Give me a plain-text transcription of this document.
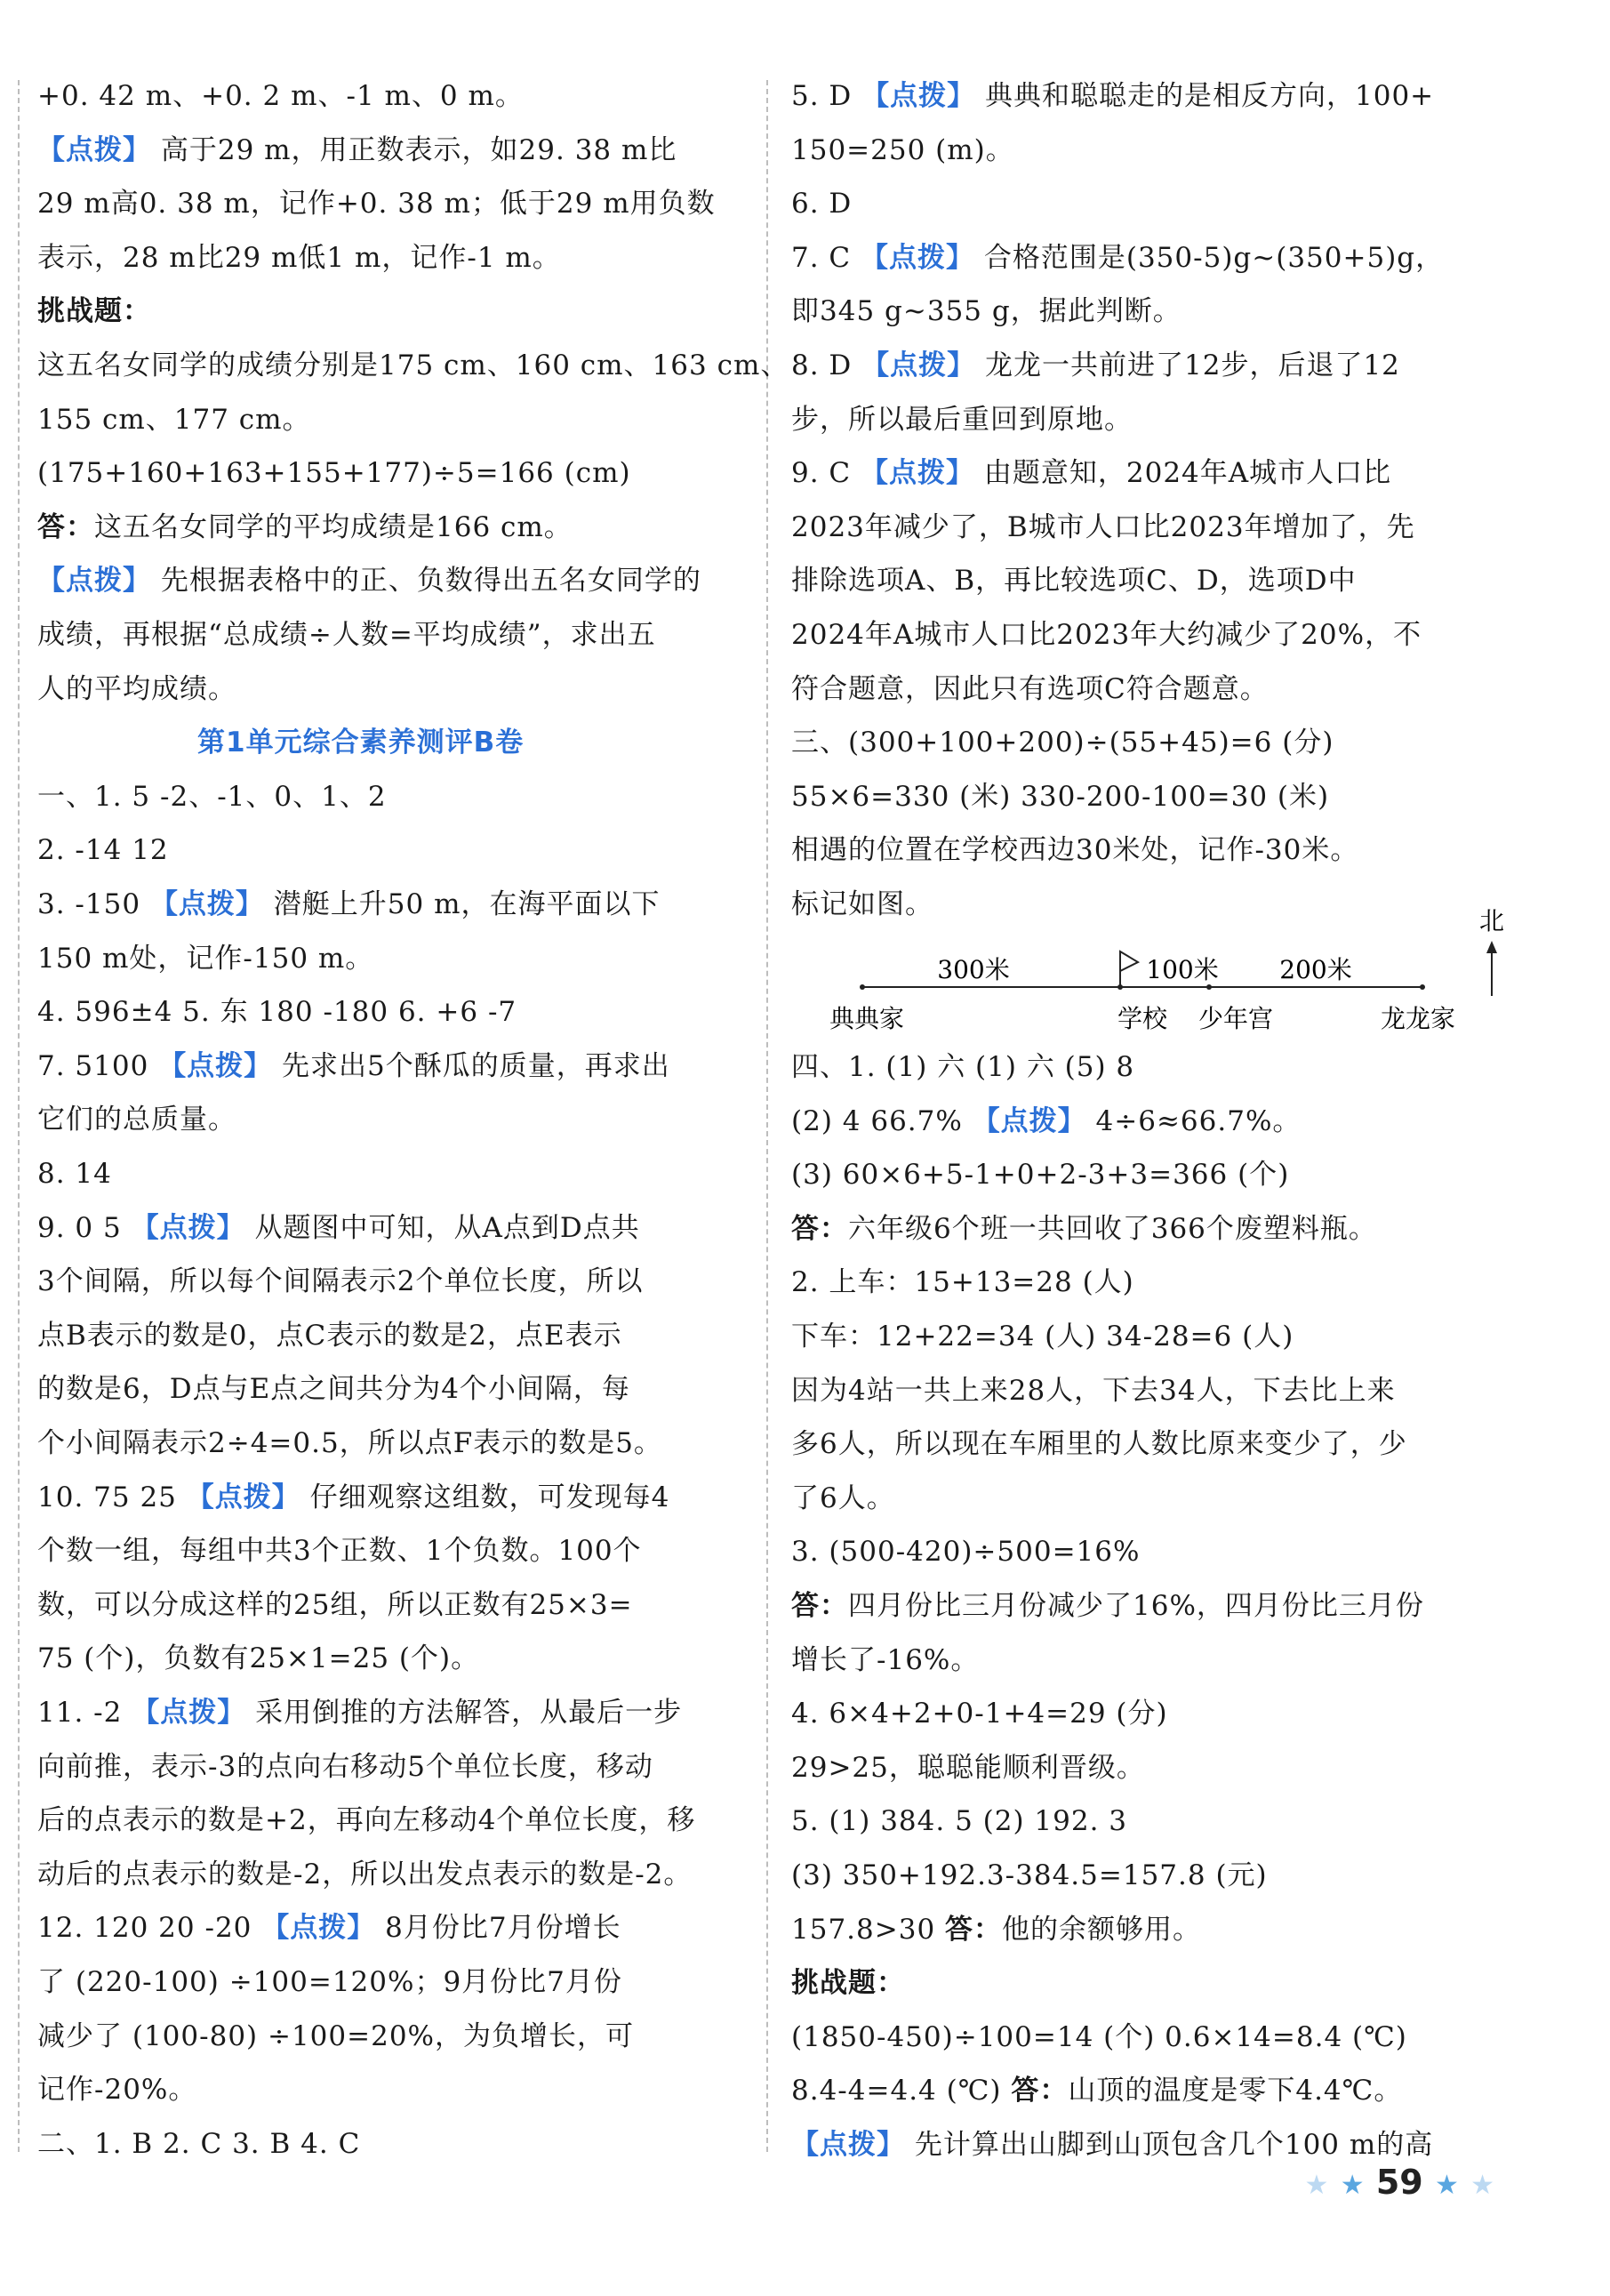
+0. 42 m、+0. 2 m、-1 m、0 m。
【点拨】 高于29 m，用正数表示，如29. 38 m比
29 m高0. 38 m，记作+0. 38 m；低于29 m用负数
表示，28 m比29 m低1 m，记作-1 m。
挑战题：
这五名女同学的成绩分别是175 cm、160 cm、163 cm、
155 cm、177 cm。
(175+160+163+155+177)÷5=166 (cm)
答：这五名女同学的平均成绩是166 cm。
【点拨】 先根据表格中的正、负数得出五名女同学的
成绩，再根据“总成绩÷人数=平均成绩”，求出五
人的平均成绩。
第1单元综合素养测评B卷
一、1. 5 -2、-1、0、1、2
2. -14 12
3. -150 【点拨】 潜艇上升50 m，在海平面以下
150 m处，记作-150 m。
4. 596±4 5. 东 180 -180 6. +6 -7
7. 5100 【点拨】 先求出5个酥瓜的质量，再求出
它们的总质量。
8. 14
9. 0 5 【点拨】 从题图中可知，从A点到D点共
3个间隔，所以每个间隔表示2个单位长度，所以
点B表示的数是0，点C表示的数是2，点E表示
的数是6，D点与E点之间共分为4个小间隔，每
个小间隔表示2÷4=0.5，所以点F表示的数是5。
10. 75 25 【点拨】 仔细观察这组数，可发现每4
个数一组，每组中共3个正数、1个负数。100个
数，可以分成这样的25组，所以正数有25×3=
75 (个)，负数有25×1=25 (个)。
11. -2 【点拨】 采用倒推的方法解答，从最后一步
向前推，表示-3的点向右移动5个单位长度，移动
后的点表示的数是+2，再向左移动4个单位长度，移
动后的点表示的数是-2，所以出发点表示的数是-2。
12. 120 20 -20 【点拨】 8月份比7月份增长
了 (220-100) ÷100=120%；9月份比7月份
减少了 (100-80) ÷100=20%，为负增长，可
记作-20%。
二、1. B 2. C 3. B 4. C
5. D 【点拨】 典典和聪聪走的是相反方向，100+
150=250 (m)。
6. D
7. C 【点拨】 合格范围是(350-5)g~(350+5)g，
即345 g~355 g，据此判断。
8. D 【点拨】 龙龙一共前进了12步，后退了12
步，所以最后重回到原地。
9. C 【点拨】 由题意知，2024年A城市人口比
2023年减少了，B城市人口比2023年增加了，先
排除选项A、B，再比较选项C、D，选项D中
2024年A城市人口比2023年大约减少了20%，不
符合题意，因此只有选项C符合题意。
三、(300+100+200)÷(55+45)=6 (分)
55×6=330 (米) 330-200-100=30 (米)
相遇的位置在学校西边30米处，记作-30米。
标记如图。
四、1. (1) 六 (1) 六 (5) 8
(2) 4 66.7% 【点拨】 4÷6≈66.7%。
(3) 60×6+5-1+0+2-3+3=366 (个)
答：六年级6个班一共回收了366个废塑料瓶。
2. 上车：15+13=28 (人)
下车：12+22=34 (人) 34-28=6 (人)
因为4站一共上来28人，下去34人，下去比上来
多6人，所以现在车厢里的人数比原来变少了，少
了6人。
3. (500-420)÷500=16%
答：四月份比三月份减少了16%，四月份比三月份
增长了-16%。
4. 6×4+2+0-1+4=29 (分)
29>25，聪聪能顺利晋级。
5. (1) 384. 5 (2) 192. 3
(3) 350+192.3-384.5=157.8 (元)
157.8>30 答：他的余额够用。
挑战题：
(1850-450)÷100=14 (个) 0.6×14=8.4 (℃)
8.4-4=4.4 (℃) 答：山顶的温度是零下4.4℃。
【点拨】 先计算出山脚到山顶包含几个100 m的高
北
300米	100米 200米
典典家	学校 少年宫	龙龙家
★ ★ 59 ★ ★
